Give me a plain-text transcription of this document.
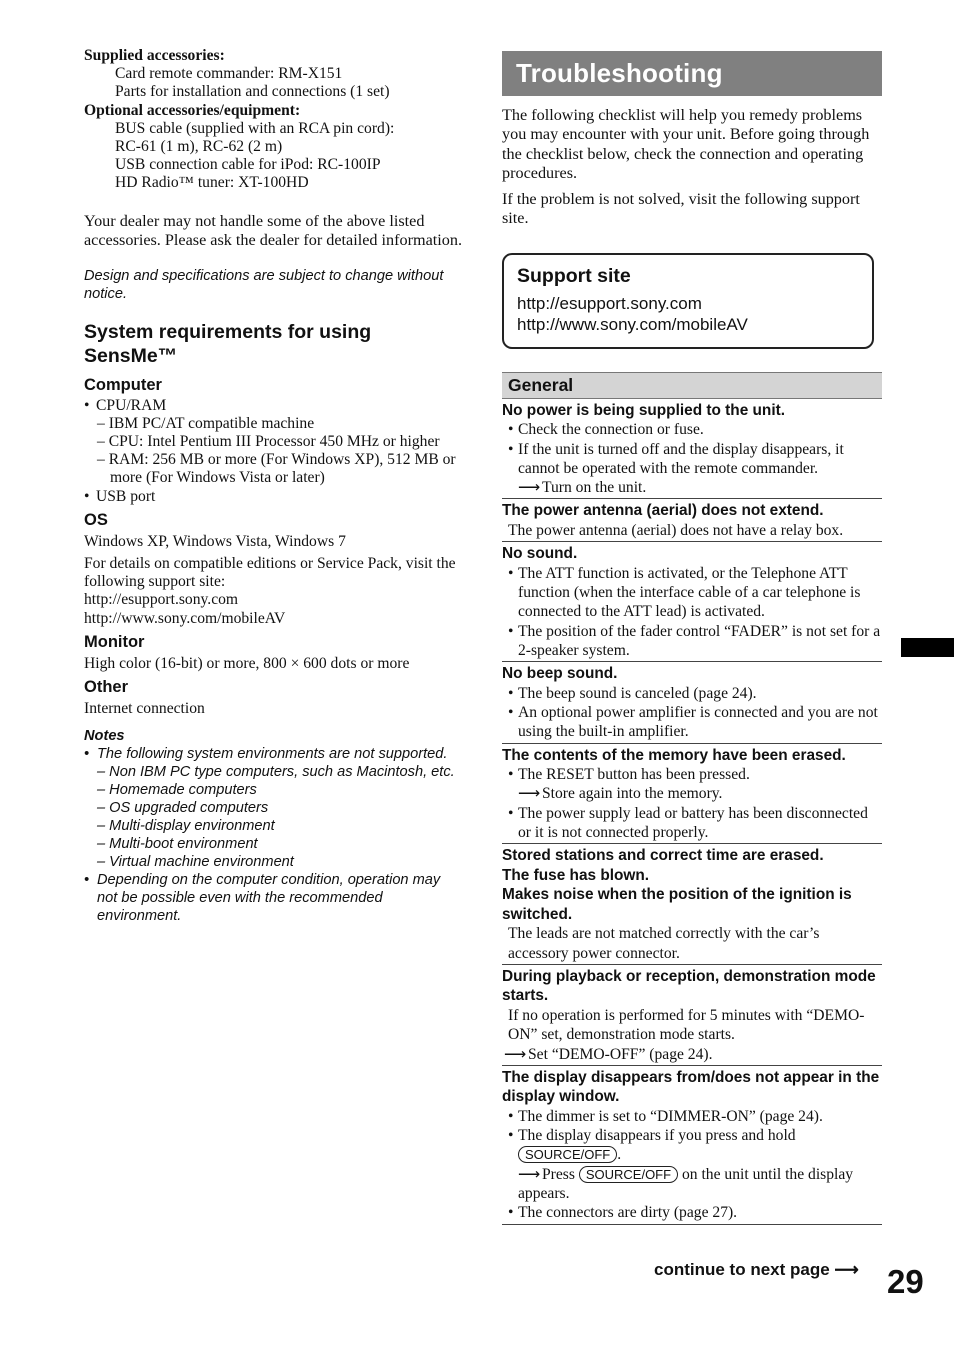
Supplied accessories:

Card remote commander: RM-X151

Parts for installation and connections (1 set)

Optional accessories/equipment:

BUS cable (supplied with an RCA pin cord):

RC-61 (1 m), RC-62 (2 m)

USB connection cable for iPod: RC-100IP

HD Radio™ tuner: XT-100HD

Your dealer may not handle some of the above listed accessories. Please ask the dealer for detailed information.

Design and specifications are subject to change without notice.

System requirements for using SensMe™

Computer

• CPU/RAM

– IBM PC/AT compatible machine

– CPU: Intel Pentium III Processor 450 MHz or higher

– RAM: 256 MB or more (For Windows XP), 512 MB or more (For Windows Vista or later)

• USB port

OS

Windows XP, Windows Vista, Windows 7

For details on compatible editions or Service Pack, visit the following support site:

http://esupport.sony.com

http://www.sony.com/mobileAV

Monitor

High color (16-bit) or more, 800 × 600 dots or more

Other

Internet connection

Notes

• The following system environments are not supported.

– Non IBM PC type computers, such as Macintosh, etc.

– Homemade computers

– OS upgraded computers

– Multi-display environment

– Multi-boot environment

– Virtual machine environment

• Depending on the computer condition, operation may not be possible even with the recommended environment.

Troubleshooting

The following checklist will help you remedy problems you may encounter with your unit. Before going through the checklist below, check the connection and operating procedures.

If the problem is not solved, visit the following support site.

Support site
http://esupport.sony.com
http://www.sony.com/mobileAV
General

No power is being supplied to the unit.

• Check the connection or fuse.

• If the unit is turned off and the display disappears, it cannot be operated with the remote commander.

⟶ Turn on the unit.

The power antenna (aerial) does not extend.

The power antenna (aerial) does not have a relay box.

No sound.

• The ATT function is activated, or the Telephone ATT function (when the interface cable of a car telephone is connected to the ATT lead) is activated.

• The position of the fader control “FADER” is not set for a 2-speaker system.

No beep sound.

• The beep sound is canceled (page 24).

• An optional power amplifier is connected and you are not using the built-in amplifier.

The contents of the memory have been erased.

• The RESET button has been pressed.

⟶ Store again into the memory.

• The power supply lead or battery has been disconnected or it is not connected properly.

Stored stations and correct time are erased.

The fuse has blown.

Makes noise when the position of the ignition is switched.

The leads are not matched correctly with the car’s accessory power connector.

During playback or reception, demonstration mode starts.

If no operation is performed for 5 minutes with “DEMO-ON” set, demonstration mode starts.

⟶ Set “DEMO-OFF” (page 24).

The display disappears from/does not appear in the display window.

• The dimmer is set to “DIMMER-ON” (page 24).

• The display disappears if you press and hold
SOURCE/OFF .

⟶ Press SOURCE/OFF on the unit until the display appears.

• The connectors are dirty (page 27).

continue to next page ⟶ 29
